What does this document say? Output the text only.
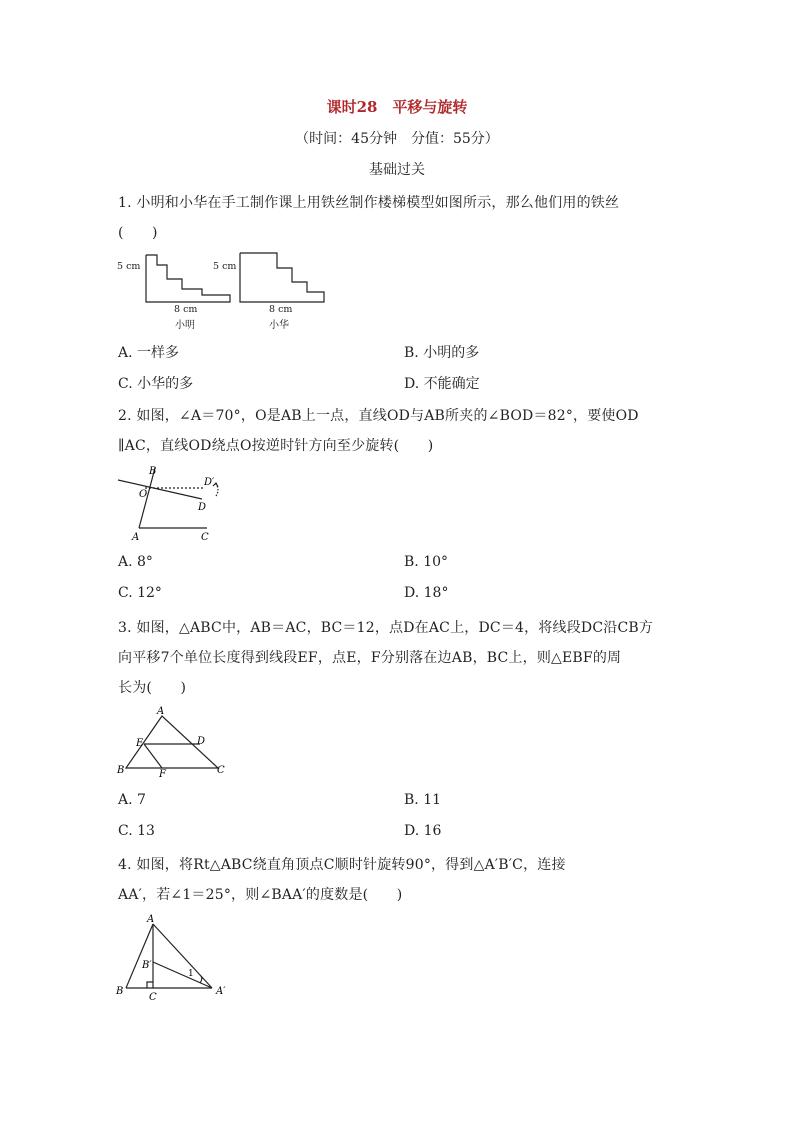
课时28　平移与旋转
（时间：45分钟　分值：55分）
基础过关
1. 小明和小华在手工制作课上用铁丝制作楼梯模型如图所示，那么他们用的铁丝
(　　)
5 cm	5 cm
8 cm	8 cm
小明	小华
A. 一样多	B. 小明的多
C. 小华的多	D. 不能确定
2. 如图，∠A＝70°，O是AB上一点，直线OD与AB所夹的∠BOD＝82°，要使OD
∥AC，直线OD绕点O按逆时针方向至少旋转(　　)
B
O
D′
D
A	C
A. 8°	B. 10°
C. 12°	D. 18°
3. 如图，△ABC中，AB＝AC，BC＝12，点D在AC上，DC＝4，将线段DC沿CB方
向平移7个单位长度得到线段EF，点E，F分别落在边AB，BC上，则△EBF的周
长为(　　)
A
E	D
B	F	C
A. 7	B. 11
C. 13	D. 16
4. 如图，将Rt△ABC绕直角顶点C顺时针旋转90°，得到△A′B′C，连接
AA′，若∠1＝25°，则∠BAA′的度数是(　　)
A
B′
1
B
C
A′
